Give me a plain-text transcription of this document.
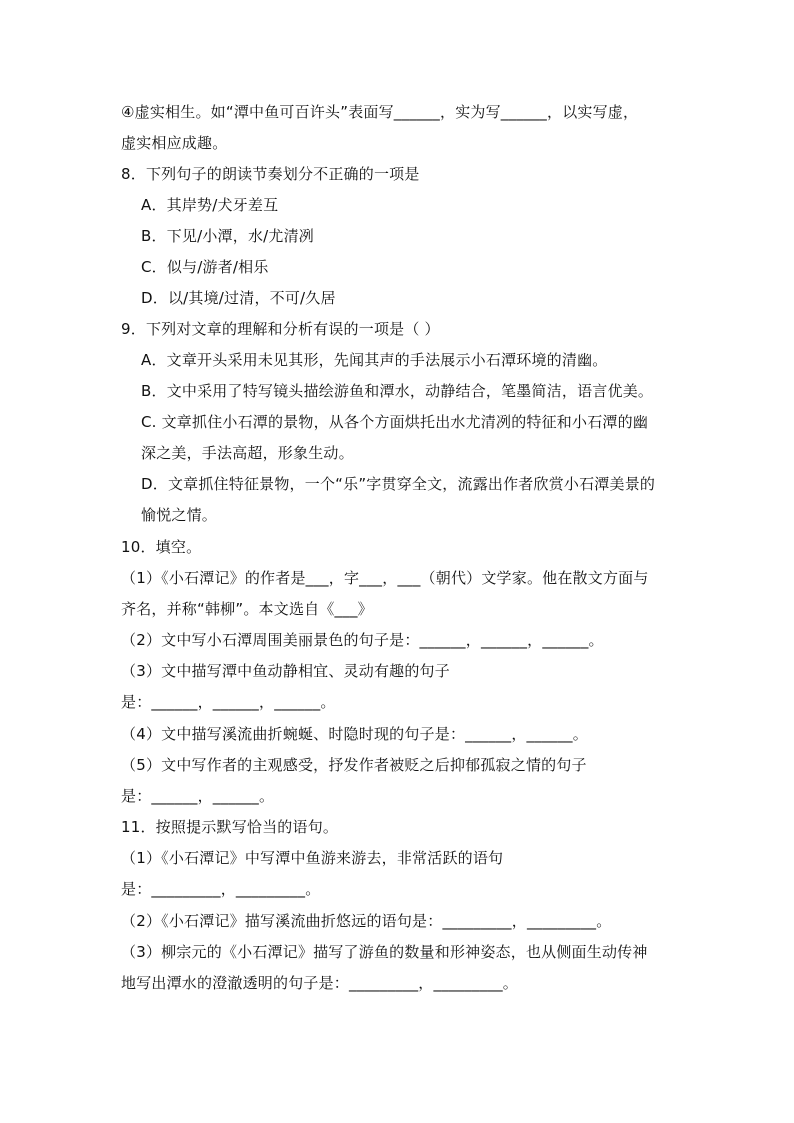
④虚实相生。如“潭中鱼可百许头”表面写______，实为写______，以实写虚，
虚实相应成趣。
8．下列句子的朗读节奏划分不正确的一项是
A．其岸势/犬牙差互
B．下见/小潭，水/尤清冽
C．似与/游者/相乐
D．以/其境/过清，不可/久居
9．下列对文章的理解和分析有误的一项是（ ）
A．文章开头采用未见其形，先闻其声的手法展示小石潭环境的清幽。
B．文中采用了特写镜头描绘游鱼和潭水，动静结合，笔墨简洁，语言优美。
C. 文章抓住小石潭的景物，从各个方面烘托出水尤清冽的特征和小石潭的幽
深之美，手法高超，形象生动。
D．文章抓住特征景物，一个“乐”字贯穿全文，流露出作者欣赏小石潭美景的
愉悦之情。
10．填空。
（1）《小石潭记》的作者是___，字___，___（朝代）文学家。他在散文方面与
齐名，并称“韩柳”。本文选自《___》
（2）文中写小石潭周围美丽景色的句子是：______，______，______。
（3）文中描写潭中鱼动静相宜、灵动有趣的句子
是：______，______，______。
（4）文中描写溪流曲折蜿蜒、时隐时现的句子是：______，______。
（5）文中写作者的主观感受，抒发作者被贬之后抑郁孤寂之情的句子
是：______，______。
11．按照提示默写恰当的语句。
（1）《小石潭记》中写潭中鱼游来游去，非常活跃的语句
是：_________，_________。
（2）《小石潭记》描写溪流曲折悠远的语句是：_________，_________。
（3）柳宗元的《小石潭记》描写了游鱼的数量和形神姿态，也从侧面生动传神
地写出潭水的澄澈透明的句子是：_________，_________。
